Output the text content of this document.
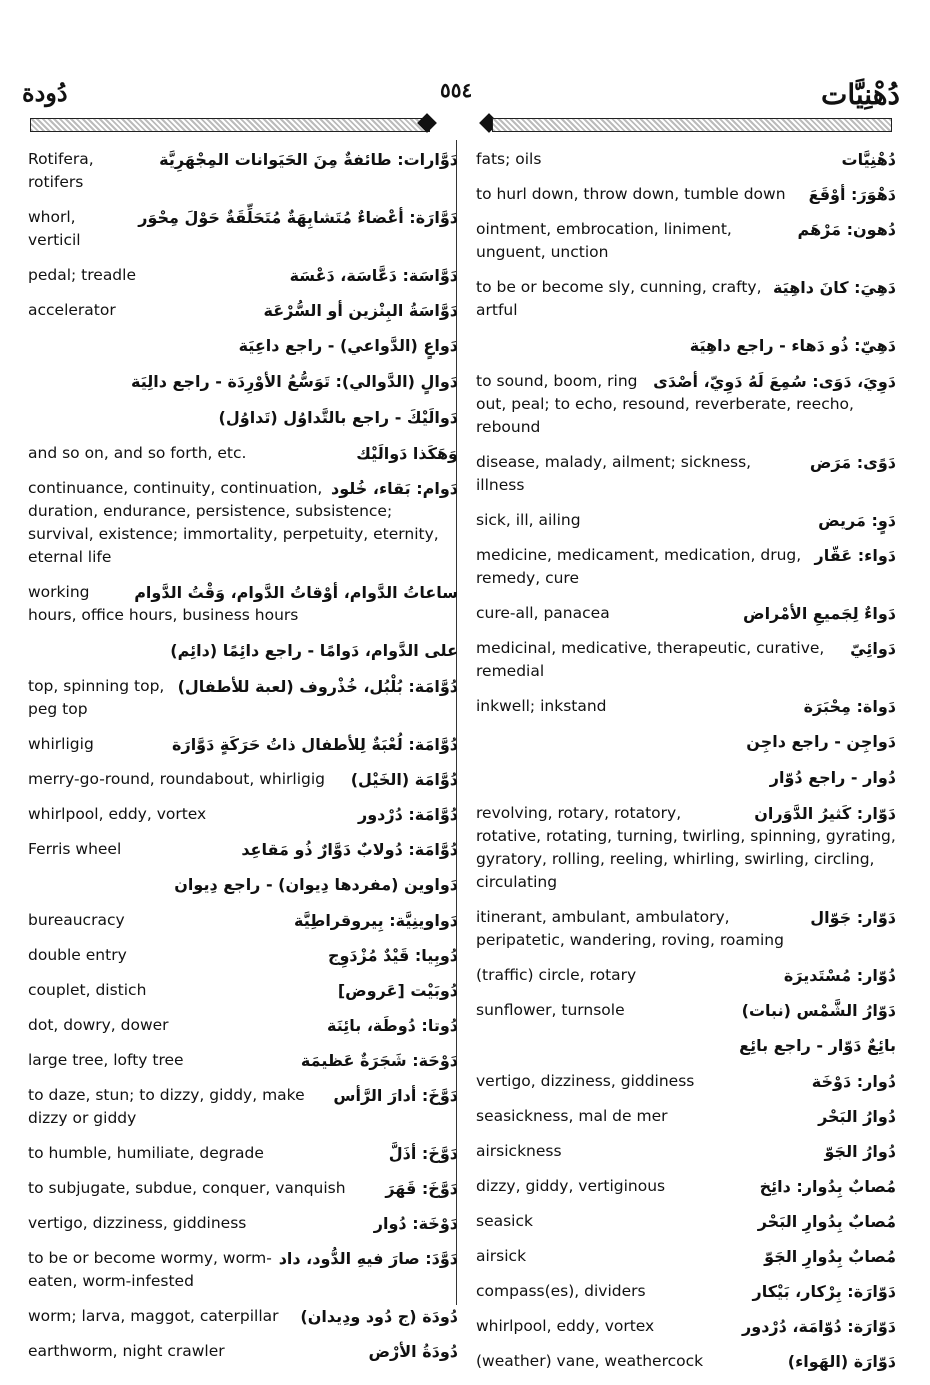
دُودة	٥٥٤	دُهْنِيَّات
دَوَّارات: طائفةٌ مِنَ الحَيَوانات المِجْهَرِيَّة
Rotifera, rotifers
دَوَّارَة: أعْضاءٌ مُتَشابِهَةٌ مُتَحَلِّقَةٌ حَوْلَ مِحْوَر
whorl, verticil
دَوَّاسَة: دَعَّاسَة، دَعْسَة
pedal; treadle
دَوَّاسَةُ البِنْزين أو السُّرْعَة
accelerator
دَواعٍ (الدَّواعي) - راجع داعِيَة
دَوالٍ (الدَّوالي): تَوَسُّعُ الأوْرِدَة - راجع دالِيَة
دَوالَيْكَ - راجع بالتَّداوُل (تَداوُل)
وَهَكَذا دَوالَيْك
and so on, and so forth, etc.
دَوام: بَقاء، خُلود
continuance, continuity, continuation, duration, endurance, persistence, subsistence; survival, existence; immortality, perpetuity, eternity, eternal life
ساعاتُ الدَّوام، أوْقاتُ الدَّوام، وَقْتُ الدَّوام
working hours, office hours, business hours
على الدَّوام، دَوامًا - راجع دائِمًا (دائِم)
دُوَّامَة: بُلْبُل، خُذْروف (لعبة للأطفال)
top, spinning top, peg top
دُوَّامَة: لُعْبَةٌ لِلأطفال ذاتُ حَرَكَةٍ دَوَّارَة
whirligig
دُوَّامَة (الخَيْل)
merry-go-round, roundabout, whirligig
دُوَّامَة: دُرْدور
whirlpool, eddy, vortex
دُوَّامَة: دُولابٌ دَوَّارٌ ذُو مَقاعِد
Ferris wheel
دَواوين (مفردها دِيوان) - راجع دِيوان
دَواوينِيَّة: بِيروقراطِيَّة
bureaucracy
دُوبِيا: قَيْدٌ مُزْدَوِج
double entry
دُوبَيْت [عَروض]
couplet, distich
دُوتا: دُوطَة، بائِنَة
dot, dowry, dower
دَوْحَة: شَجَرَةٌ عَظيمَة
large tree, lofty tree
دَوَّخَ: أدارَ الرَّأس
to daze, stun; to dizzy, giddy, make dizzy or giddy
دَوَّخَ: أذَلَّ
to humble, humiliate, degrade
دَوَّخَ: قَهَرَ
to subjugate, subdue, conquer, vanquish
دَوْخَة: دُوار
vertigo, dizziness, giddiness
دَوَّدَ: صارَ فيهِ الدُّود، داد
to be or become wormy, worm-eaten, worm-infested
دُودَة (ج دُود ودِيدان)
worm; larva, maggot, caterpillar
دُودَةُ الأرْض
earthworm, night crawler
دُهْنِيَّات
fats; oils
دَهْوَرَ: أوْقَعَ
to hurl down, throw down, tumble down
دُهون: مَرْهَم
ointment, embrocation, liniment, unguent, unction
دَهِيَ: كانَ داهِيَة
to be or become sly, cunning, crafty, artful
دَهِيّ: ذُو دَهاء - راجع داهِيَة
دَوِيَ، دَوَى: سُمِعَ لَهُ دَوِيّ، أصْدَى
to sound, boom, ring out, peal; to echo, resound, reverberate, reecho, rebound
دَوًى: مَرَض
disease, malady, ailment; sickness, illness
دَوٍ: مَريض
sick, ill, ailing
دَواء: عَقّار
medicine, medicament, medication, drug, remedy, cure
دَواءٌ لِجَميعِ الأمْراض
cure-all, panacea
دَوائِيّ
medicinal, medicative, therapeutic, curative, remedial
دَواة: مِحْبَرَة
inkwell; inkstand
دَواجِن - راجع داجِن
دُوار - راجع دُوّار
دَوّار: كَثيرُ الدَّوَران
revolving, rotary, rotatory, rotative, rotating, turning, twirling, spinning, gyrating, gyratory, rolling, reeling, whirling, swirling, circling, circulating
دَوّار: جَوّال
itinerant, ambulant, ambulatory, peripatetic, wandering, roving, roaming
دُوّار: مُسْتَديرَة
(traffic) circle, rotary
دَوّارُ الشَّمْس (نبات)
sunflower, turnsole
بائِعٌ دَوّار - راجع بائِع
دُوار: دَوْخَة
vertigo, dizziness, giddiness
دُوارُ البَحْر
seasickness, mal de mer
دُوارُ الجَوّ
airsickness
مُصابٌ بِدُوار: دائِخ
dizzy, giddy, vertiginous
مُصابٌ بِدُوارِ البَحْر
seasick
مُصابٌ بِدُوارِ الجَوّ
airsick
دَوّارَة: بِرْكار، بَيْكار
compass(es), dividers
دَوّارَة: دُوّامَة، دُرْدور
whirlpool, eddy, vortex
دَوّارَة (الهَواء)
(weather) vane, weathercock
